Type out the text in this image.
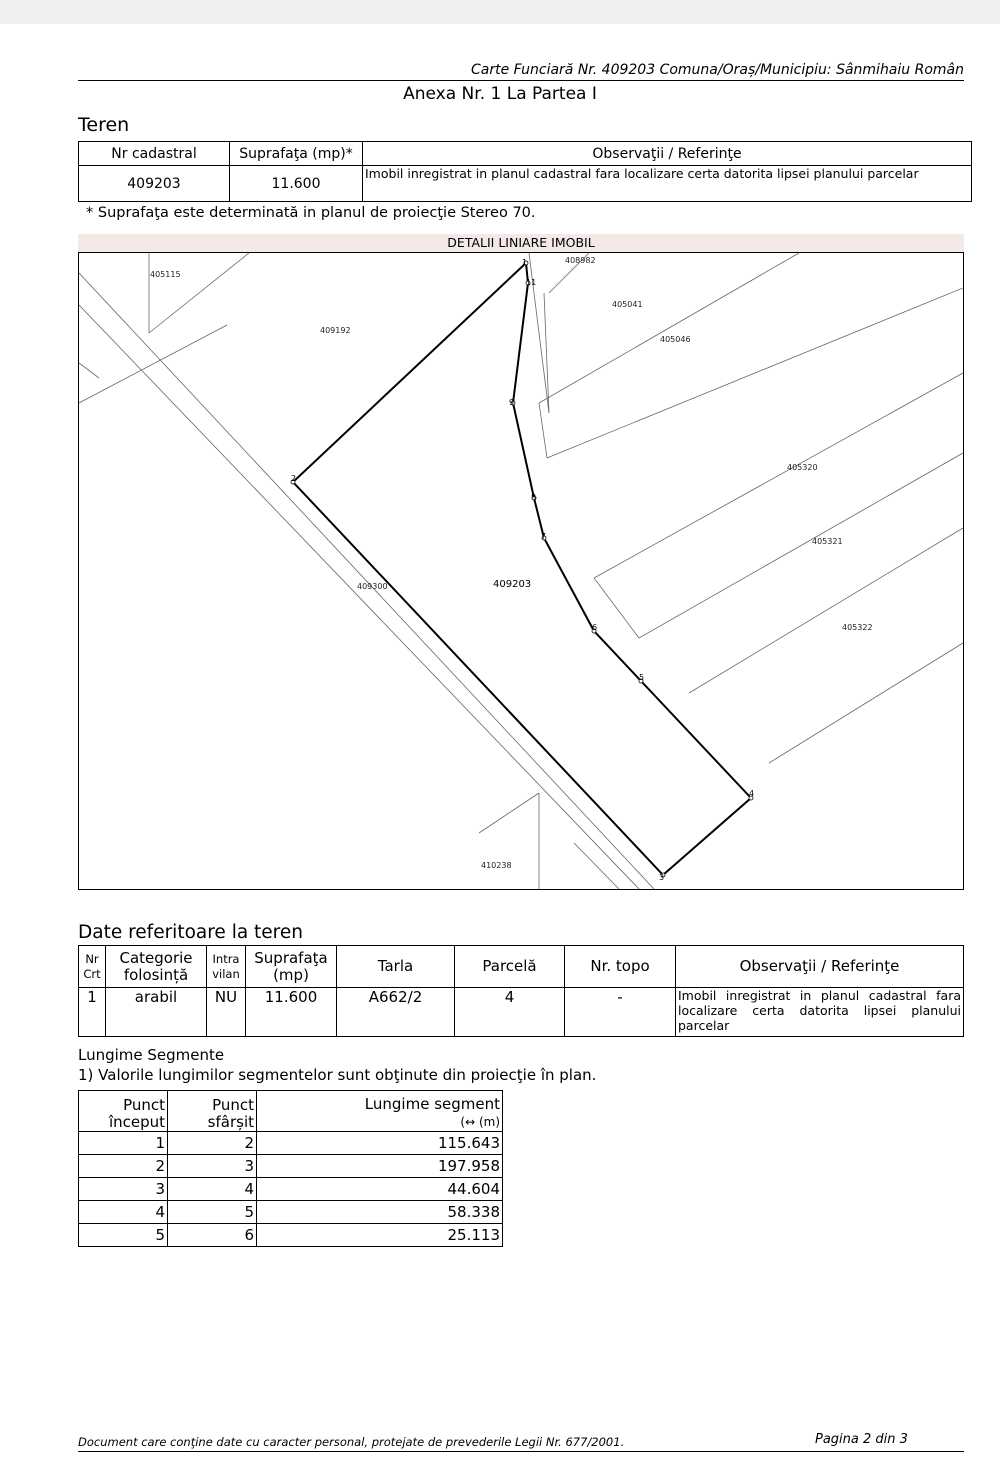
Carte Funciară Nr. 409203 Comuna/Oraș/Municipiu: Sânmihaiu Român
Anexa Nr. 1 La Partea I
Teren
Nr cadastral	Suprafaţa (mp)*	Observaţii / Referinţe
409203	11.600	Imobil inregistrat in planul cadastral fara localizare certa datorita lipsei planului parcelar
* Suprafaţa este determinată in planul de proiecţie Stereo 70.
DETALII LINIARE IMOBIL
1
11
9
2
8
7
6
5
4
3
405115
409192
408982
405041
405046
405320
405321
405322
409300
410238
409203
Date referitoare la teren
Nr Crt	Categorie folosință	Intra vilan	Suprafaţa (mp)	Tarla	Parcelă	Nr. topo	Observaţii / Referinţe
1	arabil	NU	11.600	A662/2	4	-	Imobil inregistrat in planul cadastral fara localizare certa datorita lipsei planului parcelar
Lungime Segmente
1) Valorile lungimilor segmentelor sunt obţinute din proiecţie în plan.
Punct început	Punct sfârșit	Lungime segment
(↔ (m)
1	2	115.643
2	3	197.958
3	4	44.604
4	5	58.338
5	6	25.113
Document care conţine date cu caracter personal, protejate de prevederile Legii Nr. 677/2001.	Pagina 2 din 3
